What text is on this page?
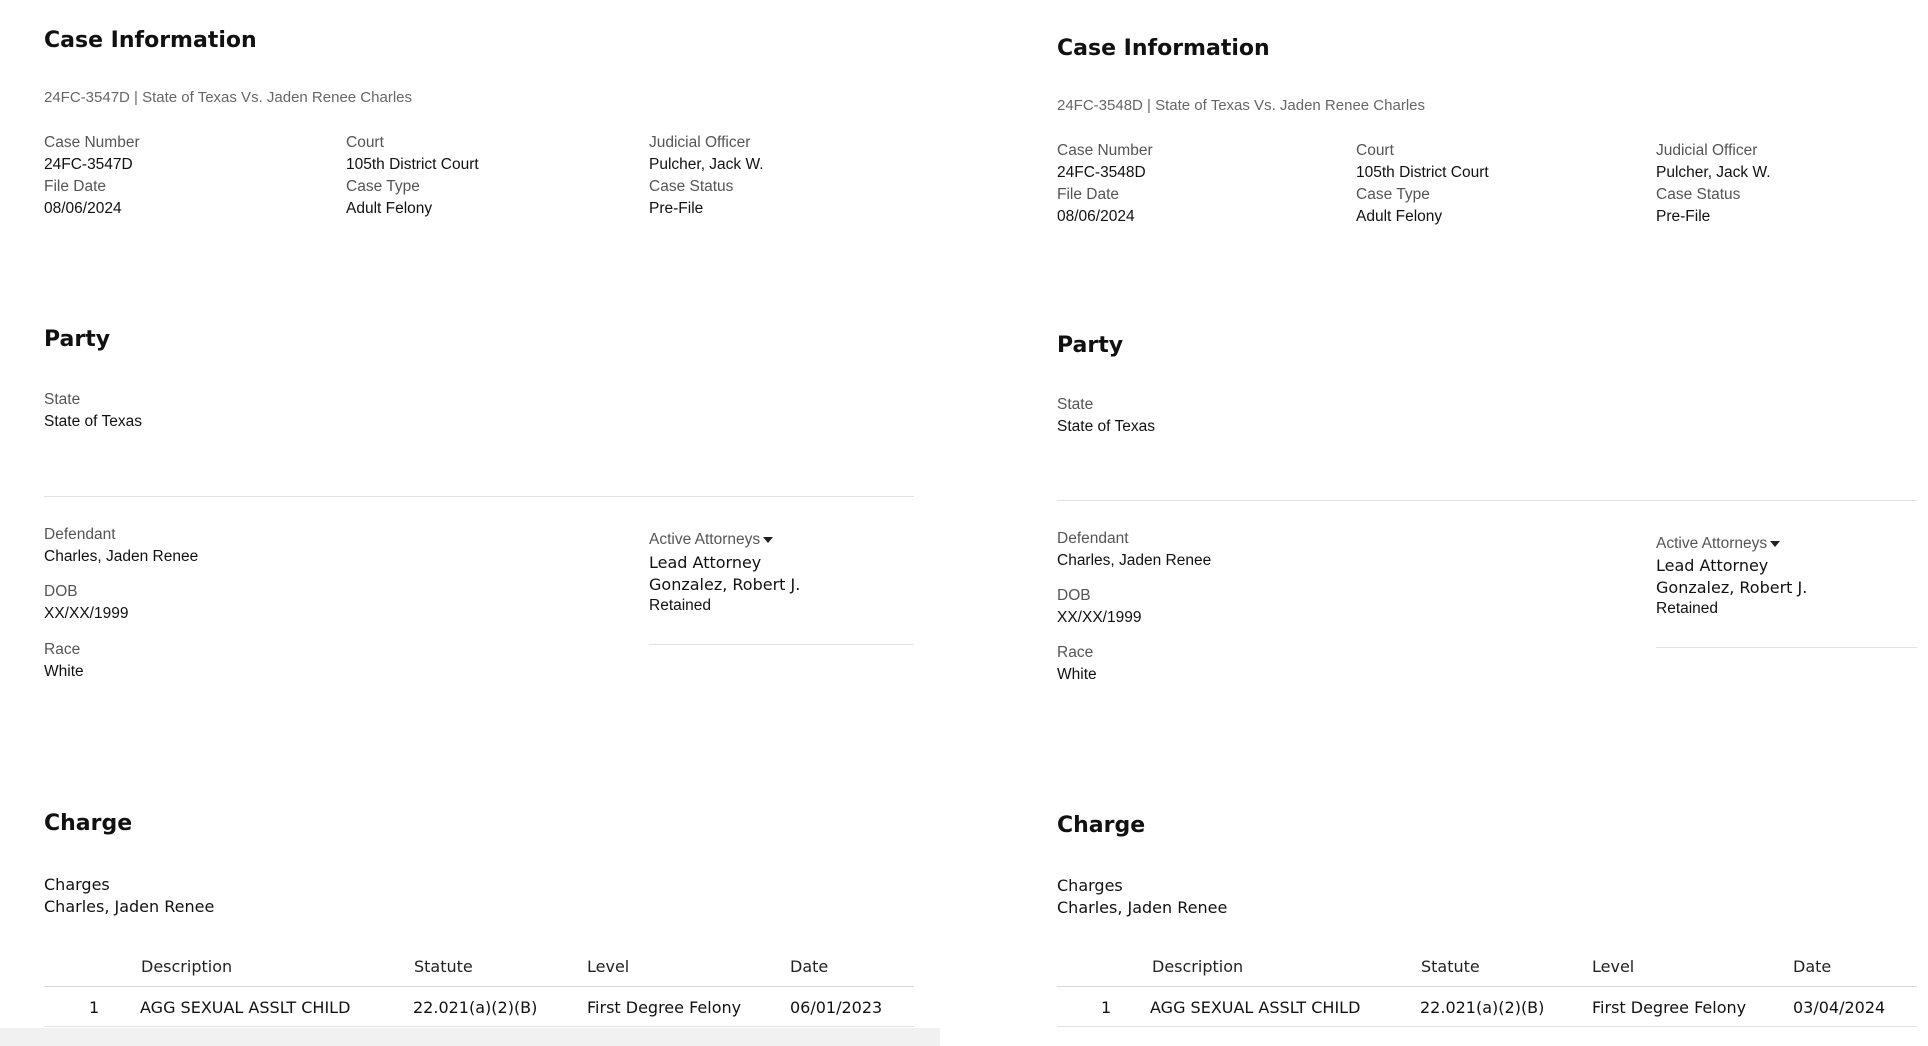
Case Information
24FC-3547D | State of Texas Vs. Jaden Renee Charles
Case Number
24FC-3547D
File Date
08/06/2024
Court
105th District Court
Case Type
Adult Felony
Judicial Officer
Pulcher, Jack W.
Case Status
Pre-File
Party
State
State of Texas
Defendant
Charles, Jaden Renee
DOB
XX/XX/1999
Race
White
Active Attorneys
Lead Attorney
Gonzalez, Robert J.
Retained
Charge
Charges
Charles, Jaden Renee
Description	Statute	Level	Date
1	AGG SEXUAL ASSLT CHILD	22.021(a)(2)(B)	First Degree Felony	06/01/2023
Case Information
24FC-3548D | State of Texas Vs. Jaden Renee Charles
Case Number
24FC-3548D
File Date
08/06/2024
Court
105th District Court
Case Type
Adult Felony
Judicial Officer
Pulcher, Jack W.
Case Status
Pre-File
Party
State
State of Texas
Defendant
Charles, Jaden Renee
DOB
XX/XX/1999
Race
White
Active Attorneys
Lead Attorney
Gonzalez, Robert J.
Retained
Charge
Charges
Charles, Jaden Renee
Description	Statute	Level	Date
1 AGG SEXUAL ASSLT CHILD	22.021(a)(2)(B)	First Degree Felony	03/04/2024
